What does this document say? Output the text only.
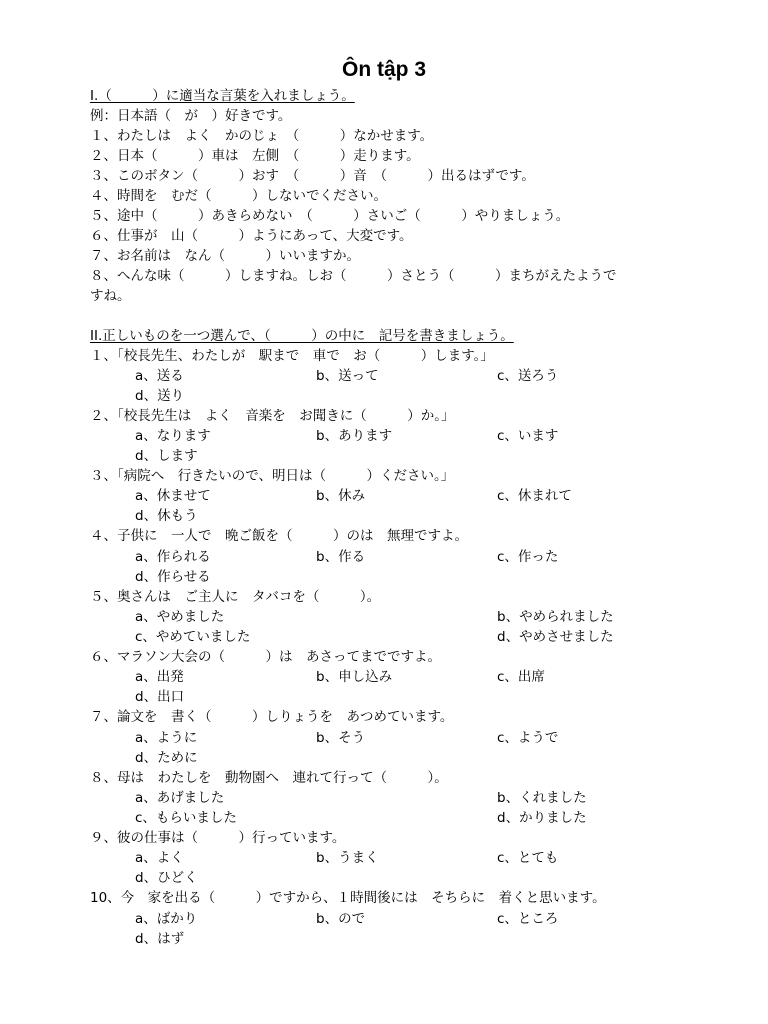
Ôn tập 3
I.（　　　）に適当な言葉を入れましょう。
例：日本語（　が　）好きです。
１、わたしは　よく　かのじょ　（　　　）なかせます。
２、日本（　　　）車は　左側　（　　　）走ります。
３、このボタン（　　　）おす　（　　　）音　（　　　）出るはずです。
４、時間を　むだ（　　　）しないでください。
５、途中（　　　）あきらめない　（　　　）さいご（　　　）やりましょう。
６、仕事が　山（　　　）ようにあって、大変です。
７、お名前は　なん（　　　）いいますか。
８、へんな味（　　　）しますね。しお（　　　）さとう（　　　）まちがえたようで
すね。
II.正しいものを一つ選んで、（　　　）の中に　記号を書きましょう。
１、「校長先生、わたしが　駅まで　車で　お（　　　）します。」
a、送る	b、送って	c、送ろう
d、送り
２、「校長先生は　よく　音楽を　お聞きに（　　　）か。」
a、なります	b、あります	c、います
d、します
３、「病院へ　行きたいので、明日は（　　　）ください。」
a、休ませて	b、休み	c、休まれて
d、休もう
４、子供に　一人で　晩ご飯を（　　　）のは　無理ですよ。
a、作られる	b、作る	c、作った
d、作らせる
５、奥さんは　ご主人に　タバコを（　　　）。
a、やめました	b、やめられました
c、やめていました	d、やめさせました
６、マラソン大会の（　　　）は　あさってまでですよ。
a、出発	b、申し込み	c、出席
d、出口
７、論文を　書く（　　　）しりょうを　あつめています。
a、ように	b、そう	c、ようで
d、ために
８、母は　わたしを　動物園へ　連れて行って（　　　）。
a、あげました	b、くれました
c、もらいました	d、かりました
９、彼の仕事は（　　　）行っています。
a、よく	b、うまく	c、とても
d、ひどく
10、今　家を出る（　　　）ですから、１時間後には　そちらに　着くと思います。
a、ばかり	b、ので	c、ところ
d、はず
